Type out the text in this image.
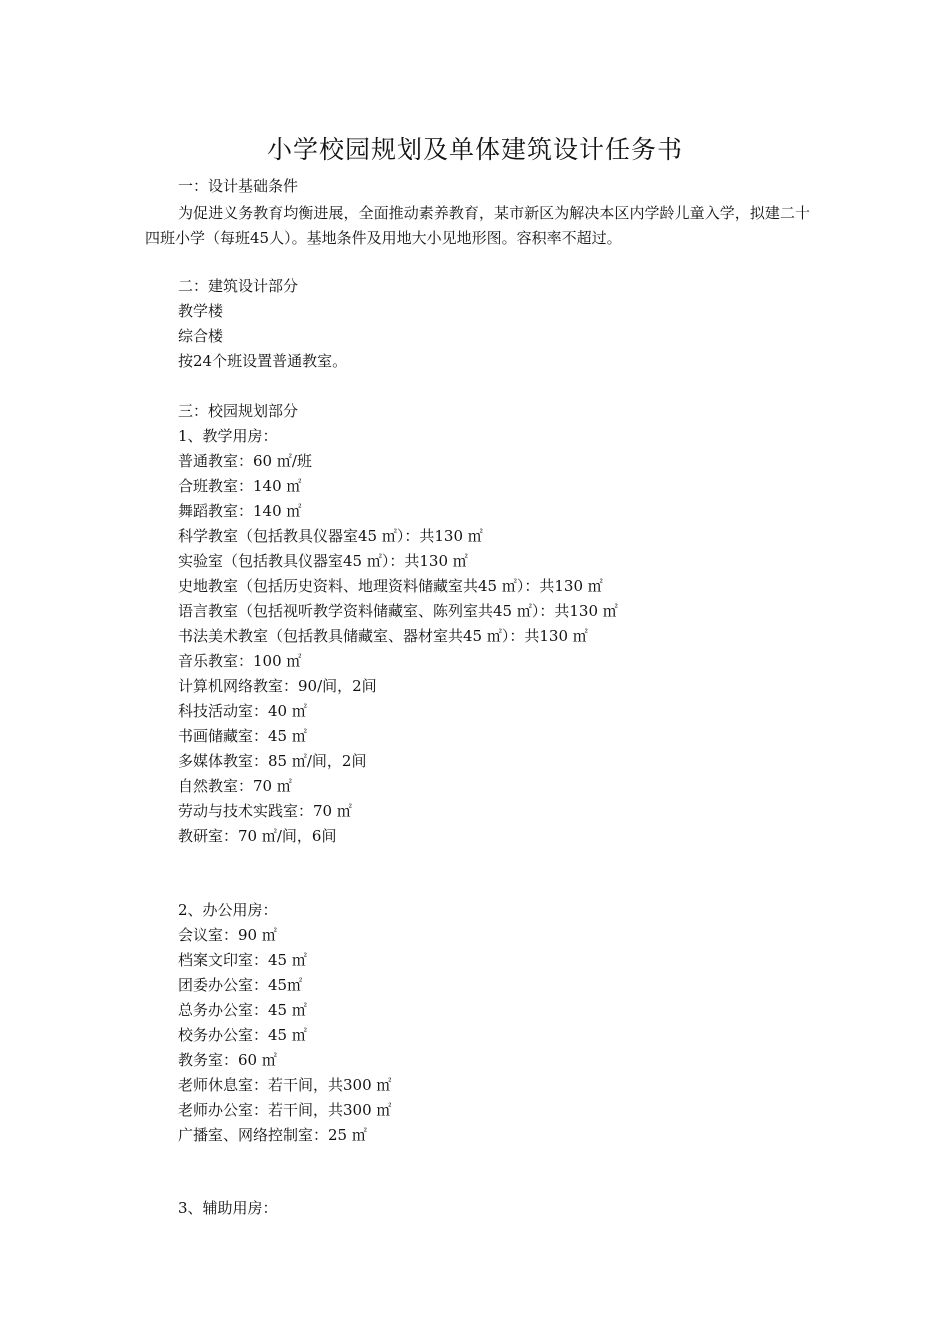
小学校园规划及单体建筑设计任务书
一：设计基础条件
为促进义务教育均衡进展，全面推动素养教育，某市新区为解决本区内学龄儿童入学，拟建二十四班小学（每班45人）。基地条件及用地大小见地形图。容积率不超过。
二：建筑设计部分
教学楼
综合楼
按24个班设置普通教室。
三：校园规划部分
1、教学用房：
普通教室：60 ㎡/班
合班教室：140 ㎡
舞蹈教室：140 ㎡
科学教室（包括教具仪器室45 ㎡）：共130 ㎡
实验室（包括教具仪器室45 ㎡）：共130 ㎡
史地教室（包括历史资料、地理资料储藏室共45 ㎡）：共130 ㎡
语言教室（包括视听教学资料储藏室、陈列室共45 ㎡）：共130 ㎡
书法美术教室（包括教具储藏室、器材室共45 ㎡）：共130 ㎡
音乐教室：100 ㎡
计算机网络教室：90/间，2间
科技活动室：40 ㎡
书画储藏室：45 ㎡
多媒体教室：85 ㎡/间，2间
自然教室：70 ㎡
劳动与技术实践室：70 ㎡
教研室：70 ㎡/间，6间
2、办公用房：
会议室：90 ㎡
档案文印室：45 ㎡
团委办公室：45㎡
总务办公室：45 ㎡
校务办公室：45 ㎡
教务室：60 ㎡
老师休息室：若干间，共300 ㎡
老师办公室：若干间，共300 ㎡
广播室、网络控制室：25 ㎡
3、辅助用房：
